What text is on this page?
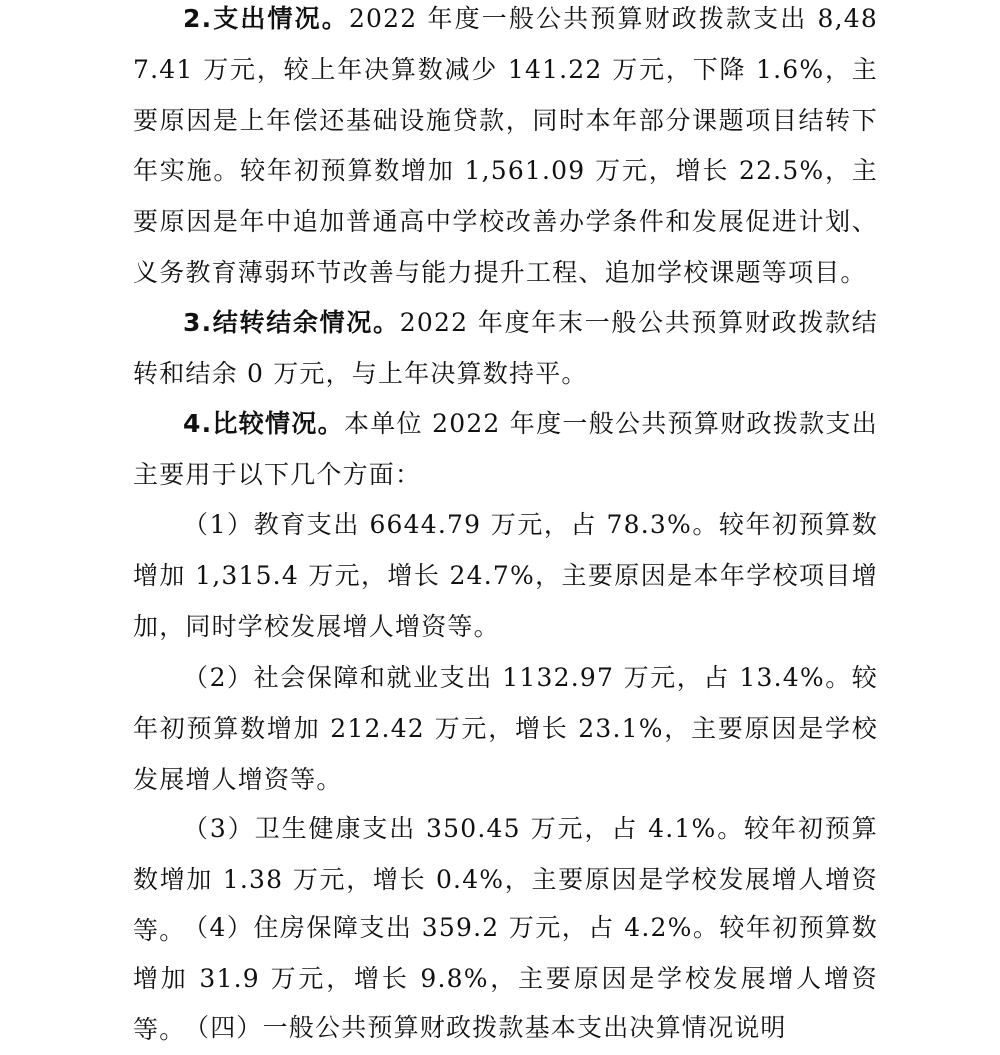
2.支出情况。2022 年度一般公共预算财政拨款支出 8,487.41 万元，较上年决算数减少 141.22 万元，下降 1.6%，主要原因是上年偿还基础设施贷款，同时本年部分课题项目结转下年实施。较年初预算数增加 1,561.09 万元，增长 22.5%，主要原因是年中追加普通高中学校改善办学条件和发展促进计划、义务教育薄弱环节改善与能力提升工程、追加学校课题等项目。

3.结转结余情况。2022 年度年末一般公共预算财政拨款结转和结余 0 万元，与上年决算数持平。

4.比较情况。本单位 2022 年度一般公共预算财政拨款支出主要用于以下几个方面：

（1）教育支出 6644.79 万元，占 78.3%。较年初预算数增加 1,315.4 万元，增长 24.7%，主要原因是本年学校项目增加，同时学校发展增人增资等。

（2）社会保障和就业支出 1132.97 万元，占 13.4%。较年初预算数增加 212.42 万元，增长 23.1%，主要原因是学校发展增人增资等。

（3）卫生健康支出 350.45 万元，占 4.1%。较年初预算数增加 1.38 万元，增长 0.4%，主要原因是学校发展增人增资等。

（4）住房保障支出 359.2 万元，占 4.2%。较年初预算数增加 31.9 万元，增长 9.8%，主要原因是学校发展增人增资等。

（四）一般公共预算财政拨款基本支出决算情况说明
